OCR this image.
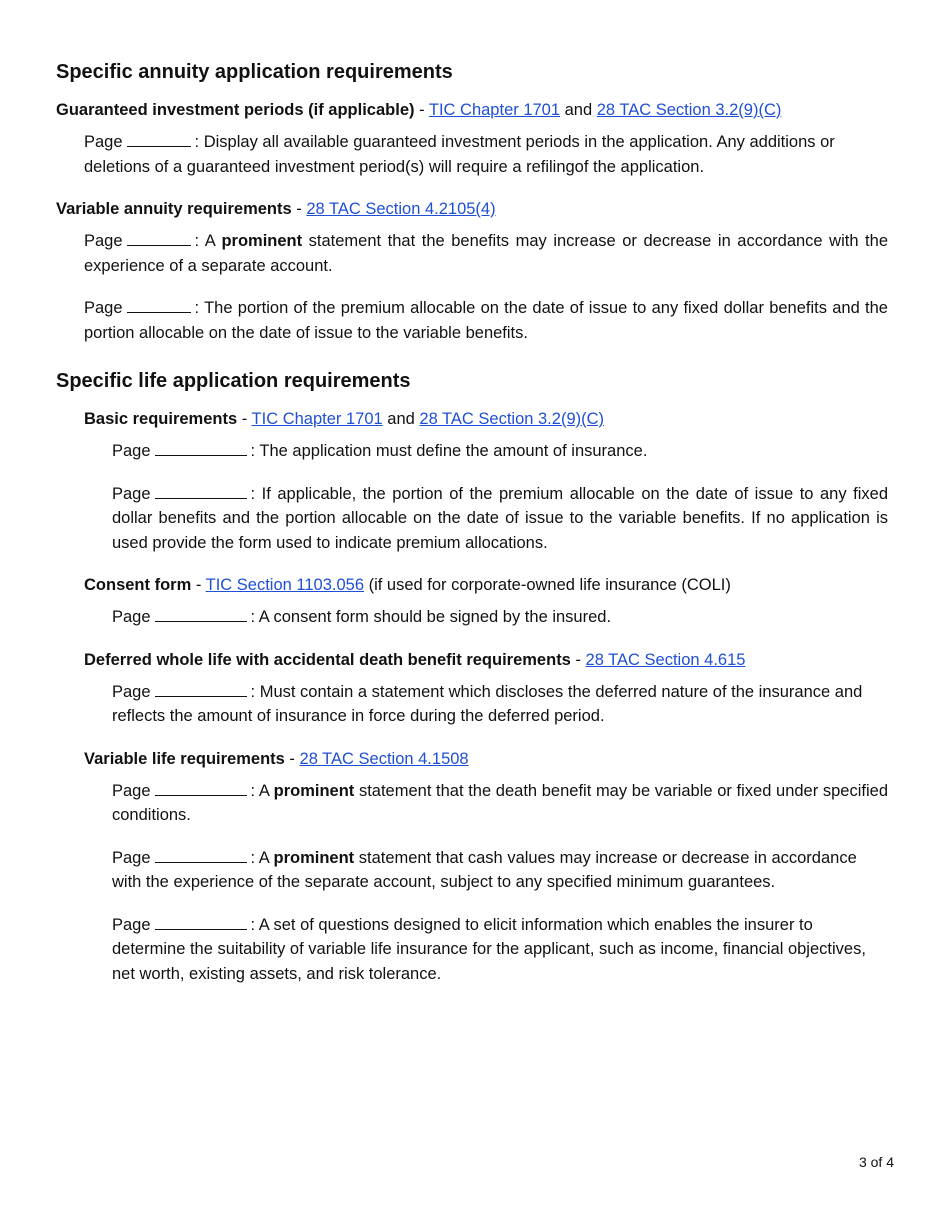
Specific annuity application requirements
Guaranteed investment periods (if applicable) - TIC Chapter 1701 and 28 TAC Section 3.2(9)(C)
Page	: Display all available guaranteed investment periods in the application. Any additions or deletions of a guaranteed investment period(s) will require a refilingof the application.
Variable annuity requirements - 28 TAC Section 4.2105(4)
Page	: A prominent statement that the benefits may increase or decrease in accordance with the experience of a separate account.
Page	: The portion of the premium allocable on the date of issue to any fixed dollar benefits and the portion allocable on the date of issue to the variable benefits.
Specific life application requirements
Basic requirements - TIC Chapter 1701 and 28 TAC Section 3.2(9)(C)
Page	: The application must define the amount of insurance.
Page	: If applicable, the portion of the premium allocable on the date of issue to any fixed dollar benefits and the portion allocable on the date of issue to the variable benefits. If no application is used provide the form used to indicate premium allocations.
Consent form - TIC Section 1103.056 (if used for corporate-owned life insurance (COLI)
Page	: A consent form should be signed by the insured.
Deferred whole life with accidental death benefit requirements - 28 TAC Section 4.615
Page	: Must contain a statement which discloses the deferred nature of the insurance and reflects the amount of insurance in force during the deferred period.
Variable life requirements - 28 TAC Section 4.1508
Page	: A prominent statement that the death benefit may be variable or fixed under specified conditions.
Page	: A prominent statement that cash values may increase or decrease in accordance with the experience of the separate account, subject to any specified minimum guarantees.
Page	: A set of questions designed to elicit information which enables the insurer to determine the suitability of variable life insurance for the applicant, such as income, financial objectives, net worth, existing assets, and risk tolerance.
3 of 4
